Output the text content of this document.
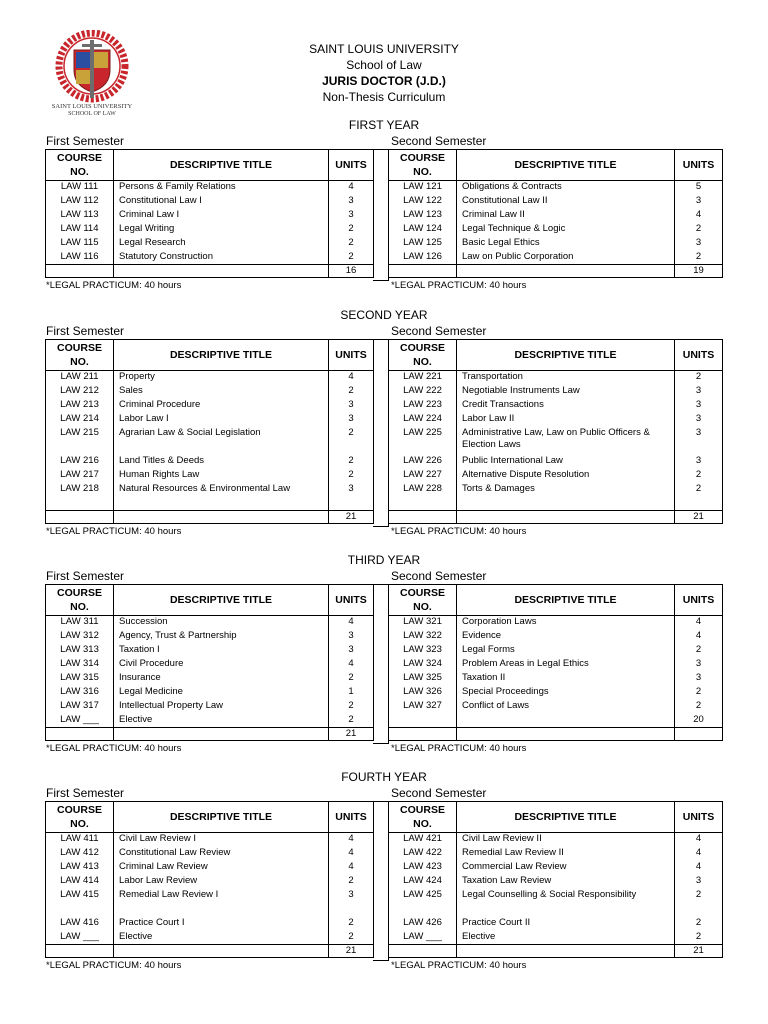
SAINT LOUIS UNIVERSITY
SCHOOL OF LAW
SAINT LOUIS UNIVERSITY
School of Law
JURIS DOCTOR (J.D.)
Non-Thesis Curriculum
FIRST YEAR
First Semester	Second Semester
COURSE NO.	DESCRIPTIVE TITLE	UNITS
LAW 111	Persons & Family Relations	4
LAW 112	Constitutional Law I	3
LAW 113	Criminal Law I	3
LAW 114	Legal Writing	2
LAW 115	Legal Research	2
LAW 116	Statutory Construction	2
		16
COURSE NO.	DESCRIPTIVE TITLE	UNITS
LAW 121	Obligations & Contracts	5
LAW 122	Constitutional Law II	3
LAW 123	Criminal Law II	4
LAW 124	Legal Technique & Logic	2
LAW 125	Basic Legal Ethics	3
LAW 126	Law on Public Corporation	2
		19
*LEGAL PRACTICUM: 40 hours	*LEGAL PRACTICUM: 40 hours
SECOND YEAR
First Semester	Second Semester
COURSE NO.	DESCRIPTIVE TITLE	UNITS
LAW 211	Property	4
LAW 212	Sales	2
LAW 213	Criminal Procedure	3
LAW 214	Labor Law I	3
LAW 215	Agrarian Law & Social Legislation	2
LAW 216	Land Titles & Deeds	2
LAW 217	Human Rights Law	2
LAW 218	Natural Resources & Environmental Law	3
		21
COURSE NO.	DESCRIPTIVE TITLE	UNITS
LAW 221	Transportation	2
LAW 222	Negotiable Instruments Law	3
LAW 223	Credit Transactions	3
LAW 224	Labor Law II	3
LAW 225	Administrative Law, Law on Public Officers & Election Laws	3
LAW 226	Public International Law	3
LAW 227	Alternative Dispute Resolution	2
LAW 228	Torts & Damages	2
		21
*LEGAL PRACTICUM: 40 hours	*LEGAL PRACTICUM: 40 hours
THIRD YEAR
First Semester	Second Semester
COURSE NO.	DESCRIPTIVE TITLE	UNITS
LAW 311	Succession	4
LAW 312	Agency, Trust & Partnership	3
LAW 313	Taxation I	3
LAW 314	Civil Procedure	4
LAW 315	Insurance	2
LAW 316	Legal Medicine	1
LAW 317	Intellectual Property Law	2
LAW ___	Elective	2
		21
COURSE NO.	DESCRIPTIVE TITLE	UNITS
LAW 321	Corporation Laws	4
LAW 322	Evidence	4
LAW 323	Legal Forms	2
LAW 324	Problem Areas in Legal Ethics	3
LAW 325	Taxation II	3
LAW 326	Special Proceedings	2
LAW 327	Conflict of Laws	2
		20

*LEGAL PRACTICUM: 40 hours	*LEGAL PRACTICUM: 40 hours
FOURTH YEAR
First Semester	Second Semester
COURSE NO.	DESCRIPTIVE TITLE	UNITS
LAW 411	Civil Law Review I	4
LAW 412	Constitutional Law Review	4
LAW 413	Criminal Law Review	4
LAW 414	Labor Law Review	2
LAW 415	Remedial Law Review I	3
LAW 416	Practice Court I	2
LAW ___	Elective	2
		21
COURSE NO.	DESCRIPTIVE TITLE	UNITS
LAW 421	Civil Law Review II	4
LAW 422	Remedial Law Review II	4
LAW 423	Commercial Law Review	4
LAW 424	Taxation Law Review	3
LAW 425	Legal Counselling & Social Responsibility	2
LAW 426	Practice Court II	2
LAW ___	Elective	2
		21
*LEGAL PRACTICUM: 40 hours	*LEGAL PRACTICUM: 40 hours
